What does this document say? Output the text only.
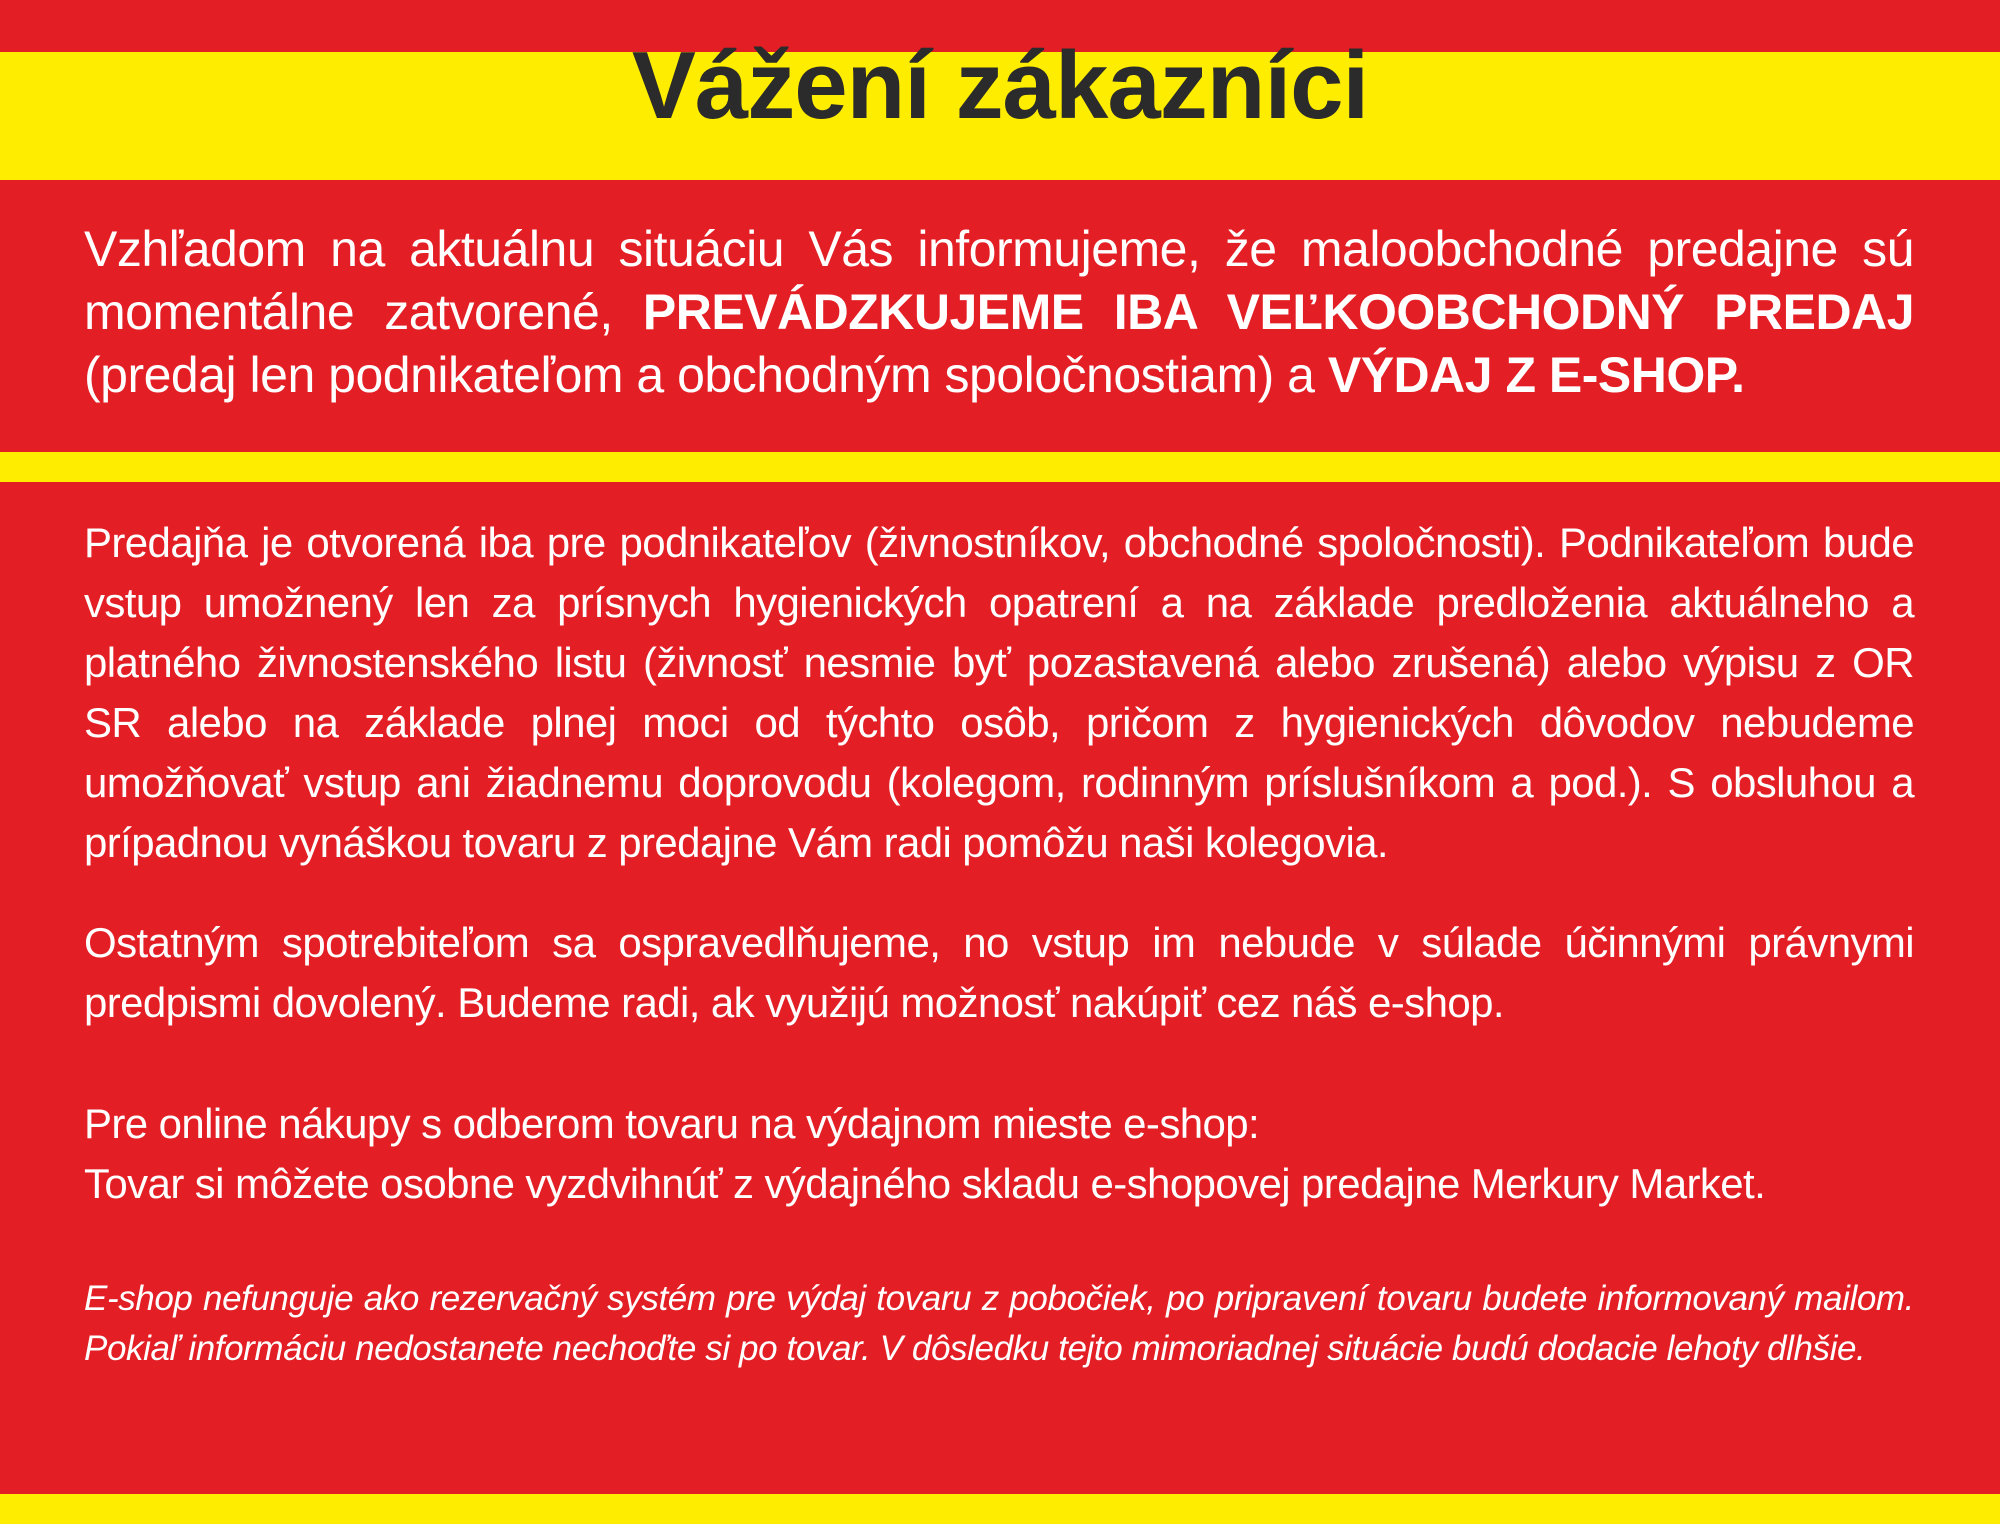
Vážení zákazníci
Vzhľadom na aktuálnu situáciu Vás informujeme, že maloobchodné predajne sú momentálne zatvorené, PREVÁDZKUJEME IBA VEĽKOOBCHODNÝ PREDAJ (predaj len podnikateľom a obchodným spoločnostiam) a VÝDAJ Z E-SHOP.

Predajňa je otvorená iba pre podnikateľov (živnostníkov, obchodné spoločnosti). Podnikateľom bude vstup umožnený len za prísnych hygienických opatrení a na základe predloženia aktuálneho a platného živnostenského listu (živnosť nesmie byť pozastavená alebo zrušená) alebo výpisu z OR SR alebo na základe plnej moci od týchto osôb, pričom z hygienických dôvodov nebudeme umožňovať vstup ani žiadnemu doprovodu (kolegom, rodinným príslušníkom a pod.). S obsluhou a prípadnou vynáškou tovaru z predajne Vám radi pomôžu naši kolegovia.

Ostatným spotrebiteľom sa ospravedlňujeme, no vstup im nebude v súlade účinnými právnymi predpismi dovolený. Budeme radi, ak využijú možnosť nakúpiť cez náš e-shop.

Pre online nákupy s odberom tovaru na výdajnom mieste e-shop:
Tovar si môžete osobne vyzdvihnúť z výdajného skladu e-shopovej predajne Merkury Market.

E-shop nefunguje ako rezervačný systém pre výdaj tovaru z pobočiek, po pripravení tovaru budete informovaný mailom. Pokiaľ informáciu nedostanete nechoďte si po tovar. V dôsledku tejto mimoriadnej situácie budú dodacie lehoty dlhšie.
